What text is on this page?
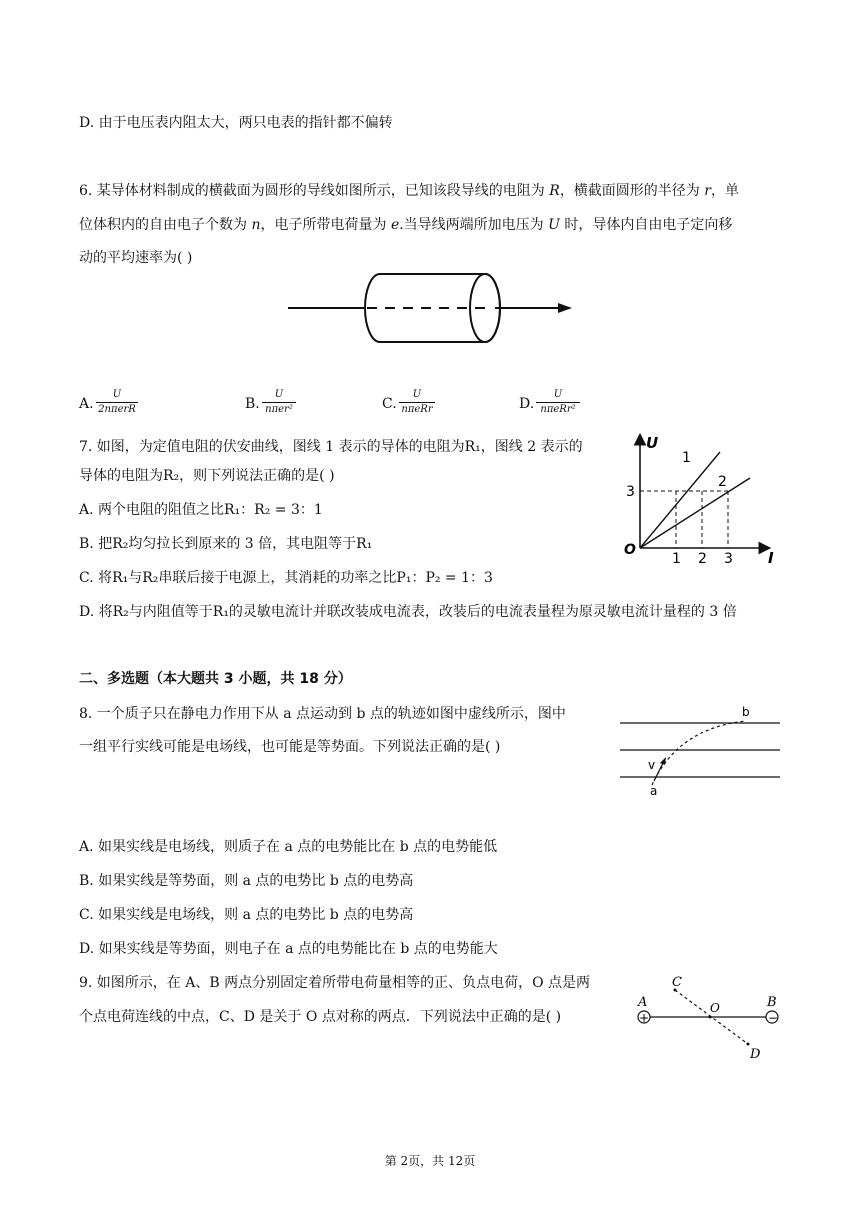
D. 由于电压表内阻太大，两只电表的指针都不偏转
6. 某导体材料制成的横截面为圆形的导线如图所示，已知该段导线的电阻为 R，横截面圆形的半径为 r，单
位体积内的自由电子个数为 n，电子所带电荷量为 e.当导线两端所加电压为 U 时，导体内自由电子定向移
动的平均速率为( )
A.
U
2nπerR	B.
U
nπer²	C.
U
nπeRr	D.
U
nπeRr²
7. 如图，为定值电阻的伏安曲线，图线 1 表示的导体的电阻为R₁，图线 2 表示的
导体的电阻为R₂，则下列说法正确的是( )
A. 两个电阻的阻值之比R₁：R₂ = 3：1
B. 把R₂均匀拉长到原来的 3 倍，其电阻等于R₁
C. 将R₁与R₂串联后接于电源上，其消耗的功率之比P₁：P₂ = 1：3
D. 将R₂与内阻值等于R₁的灵敏电流计并联改装成电流表，改装后的电流表量程为原灵敏电流计量程的 3 倍
U
I
O
3
1 2 3
1
2
二、多选题（本大题共 3 小题，共 18 分）
8. 一个质子只在静电力作用下从 a 点运动到 b 点的轨迹如图中虚线所示，图中
一组平行实线可能是电场线，也可能是等势面。下列说法正确的是( )
b
v
a
A. 如果实线是电场线，则质子在 a 点的电势能比在 b 点的电势能低
B. 如果实线是等势面，则 a 点的电势比 b 点的电势高
C. 如果实线是电场线，则 a 点的电势比 b 点的电势高
D. 如果实线是等势面，则电子在 a 点的电势能比在 b 点的电势能大
9. 如图所示，在 A、B 两点分别固定着所带电荷量相等的正、负点电荷，O 点是两
个点电荷连线的中点，C、D 是关于 O 点对称的两点．下列说法中正确的是( )	+	−
A	B
C
O
D
第 2页，共 12页
